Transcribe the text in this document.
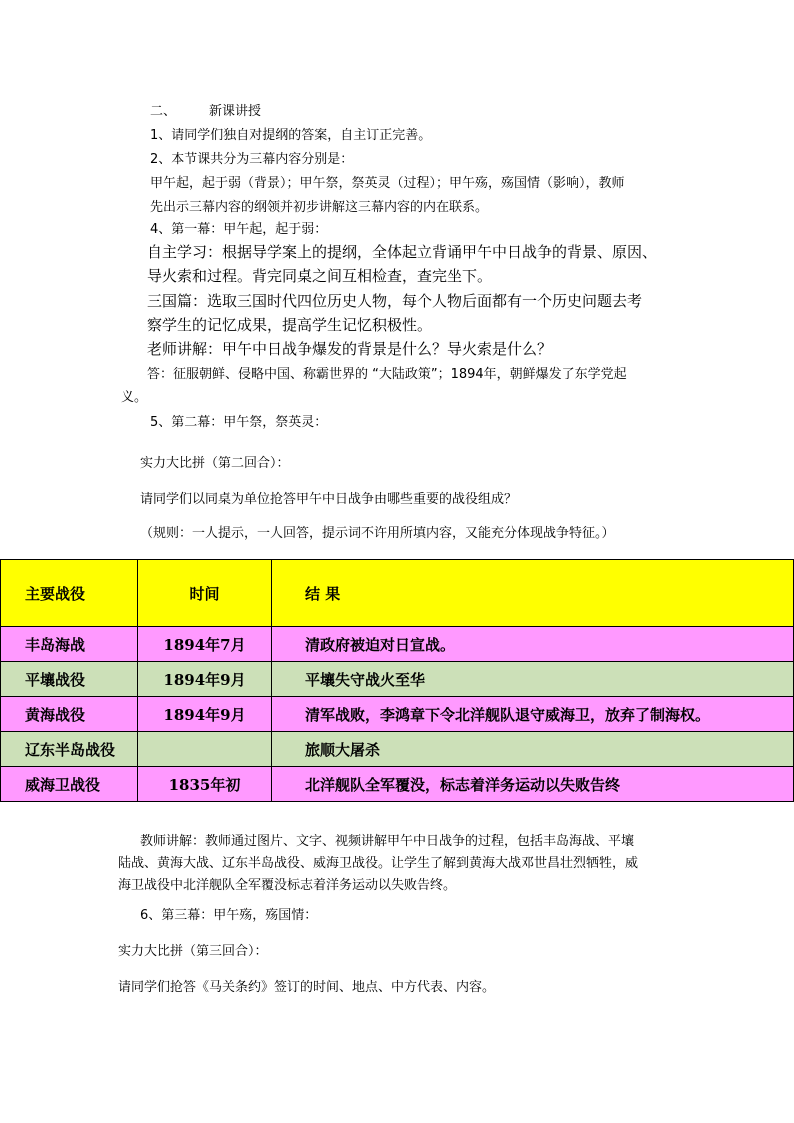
二、        新课讲授
1、请同学们独自对提纲的答案，自主订正完善。
2、本节课共分为三幕内容分别是：
甲午起，起于弱（背景）；甲午祭，祭英灵（过程）；甲午殇，殇国情（影响），教师
先出示三幕内容的纲领并初步讲解这三幕内容的内在联系。
4、第一幕：甲午起，起于弱：
自主学习：根据导学案上的提纲，全体起立背诵甲午中日战争的背景、原因、
导火索和过程。背完同桌之间互相检查，查完坐下。
三国篇：选取三国时代四位历史人物，每个人物后面都有一个历史问题去考
察学生的记忆成果，提高学生记忆积极性。
老师讲解：甲午中日战争爆发的背景是什么？导火索是什么？
答：征服朝鲜、侵略中国、称霸世界的 “大陆政策”；1894年，朝鲜爆发了东学党起
义。
5、第二幕：甲午祭，祭英灵：
实力大比拼（第二回合）：
请同学们以同桌为单位抢答甲午中日战争由哪些重要的战役组成？
（规则：一人提示，一人回答，提示词不许用所填内容，又能充分体现战争特征。）
主要战役	时间	结 果
丰岛海战	1894年7月	清政府被迫对日宣战。
平壤战役	1894年9月	平壤失守战火至华
黄海战役	1894年9月	清军战败，李鸿章下令北洋舰队退守威海卫，放弃了制海权。
辽东半岛战役		旅顺大屠杀
威海卫战役	1835年初	北洋舰队全军覆没，标志着洋务运动以失败告终
教师讲解：教师通过图片、文字、视频讲解甲午中日战争的过程，包括丰岛海战、平壤
陆战、黄海大战、辽东半岛战役、威海卫战役。让学生了解到黄海大战邓世昌壮烈牺牲，威
海卫战役中北洋舰队全军覆没标志着洋务运动以失败告终。
6、第三幕：甲午殇，殇国情：
实力大比拼（第三回合）：
请同学们抢答《马关条约》签订的时间、地点、中方代表、内容。
